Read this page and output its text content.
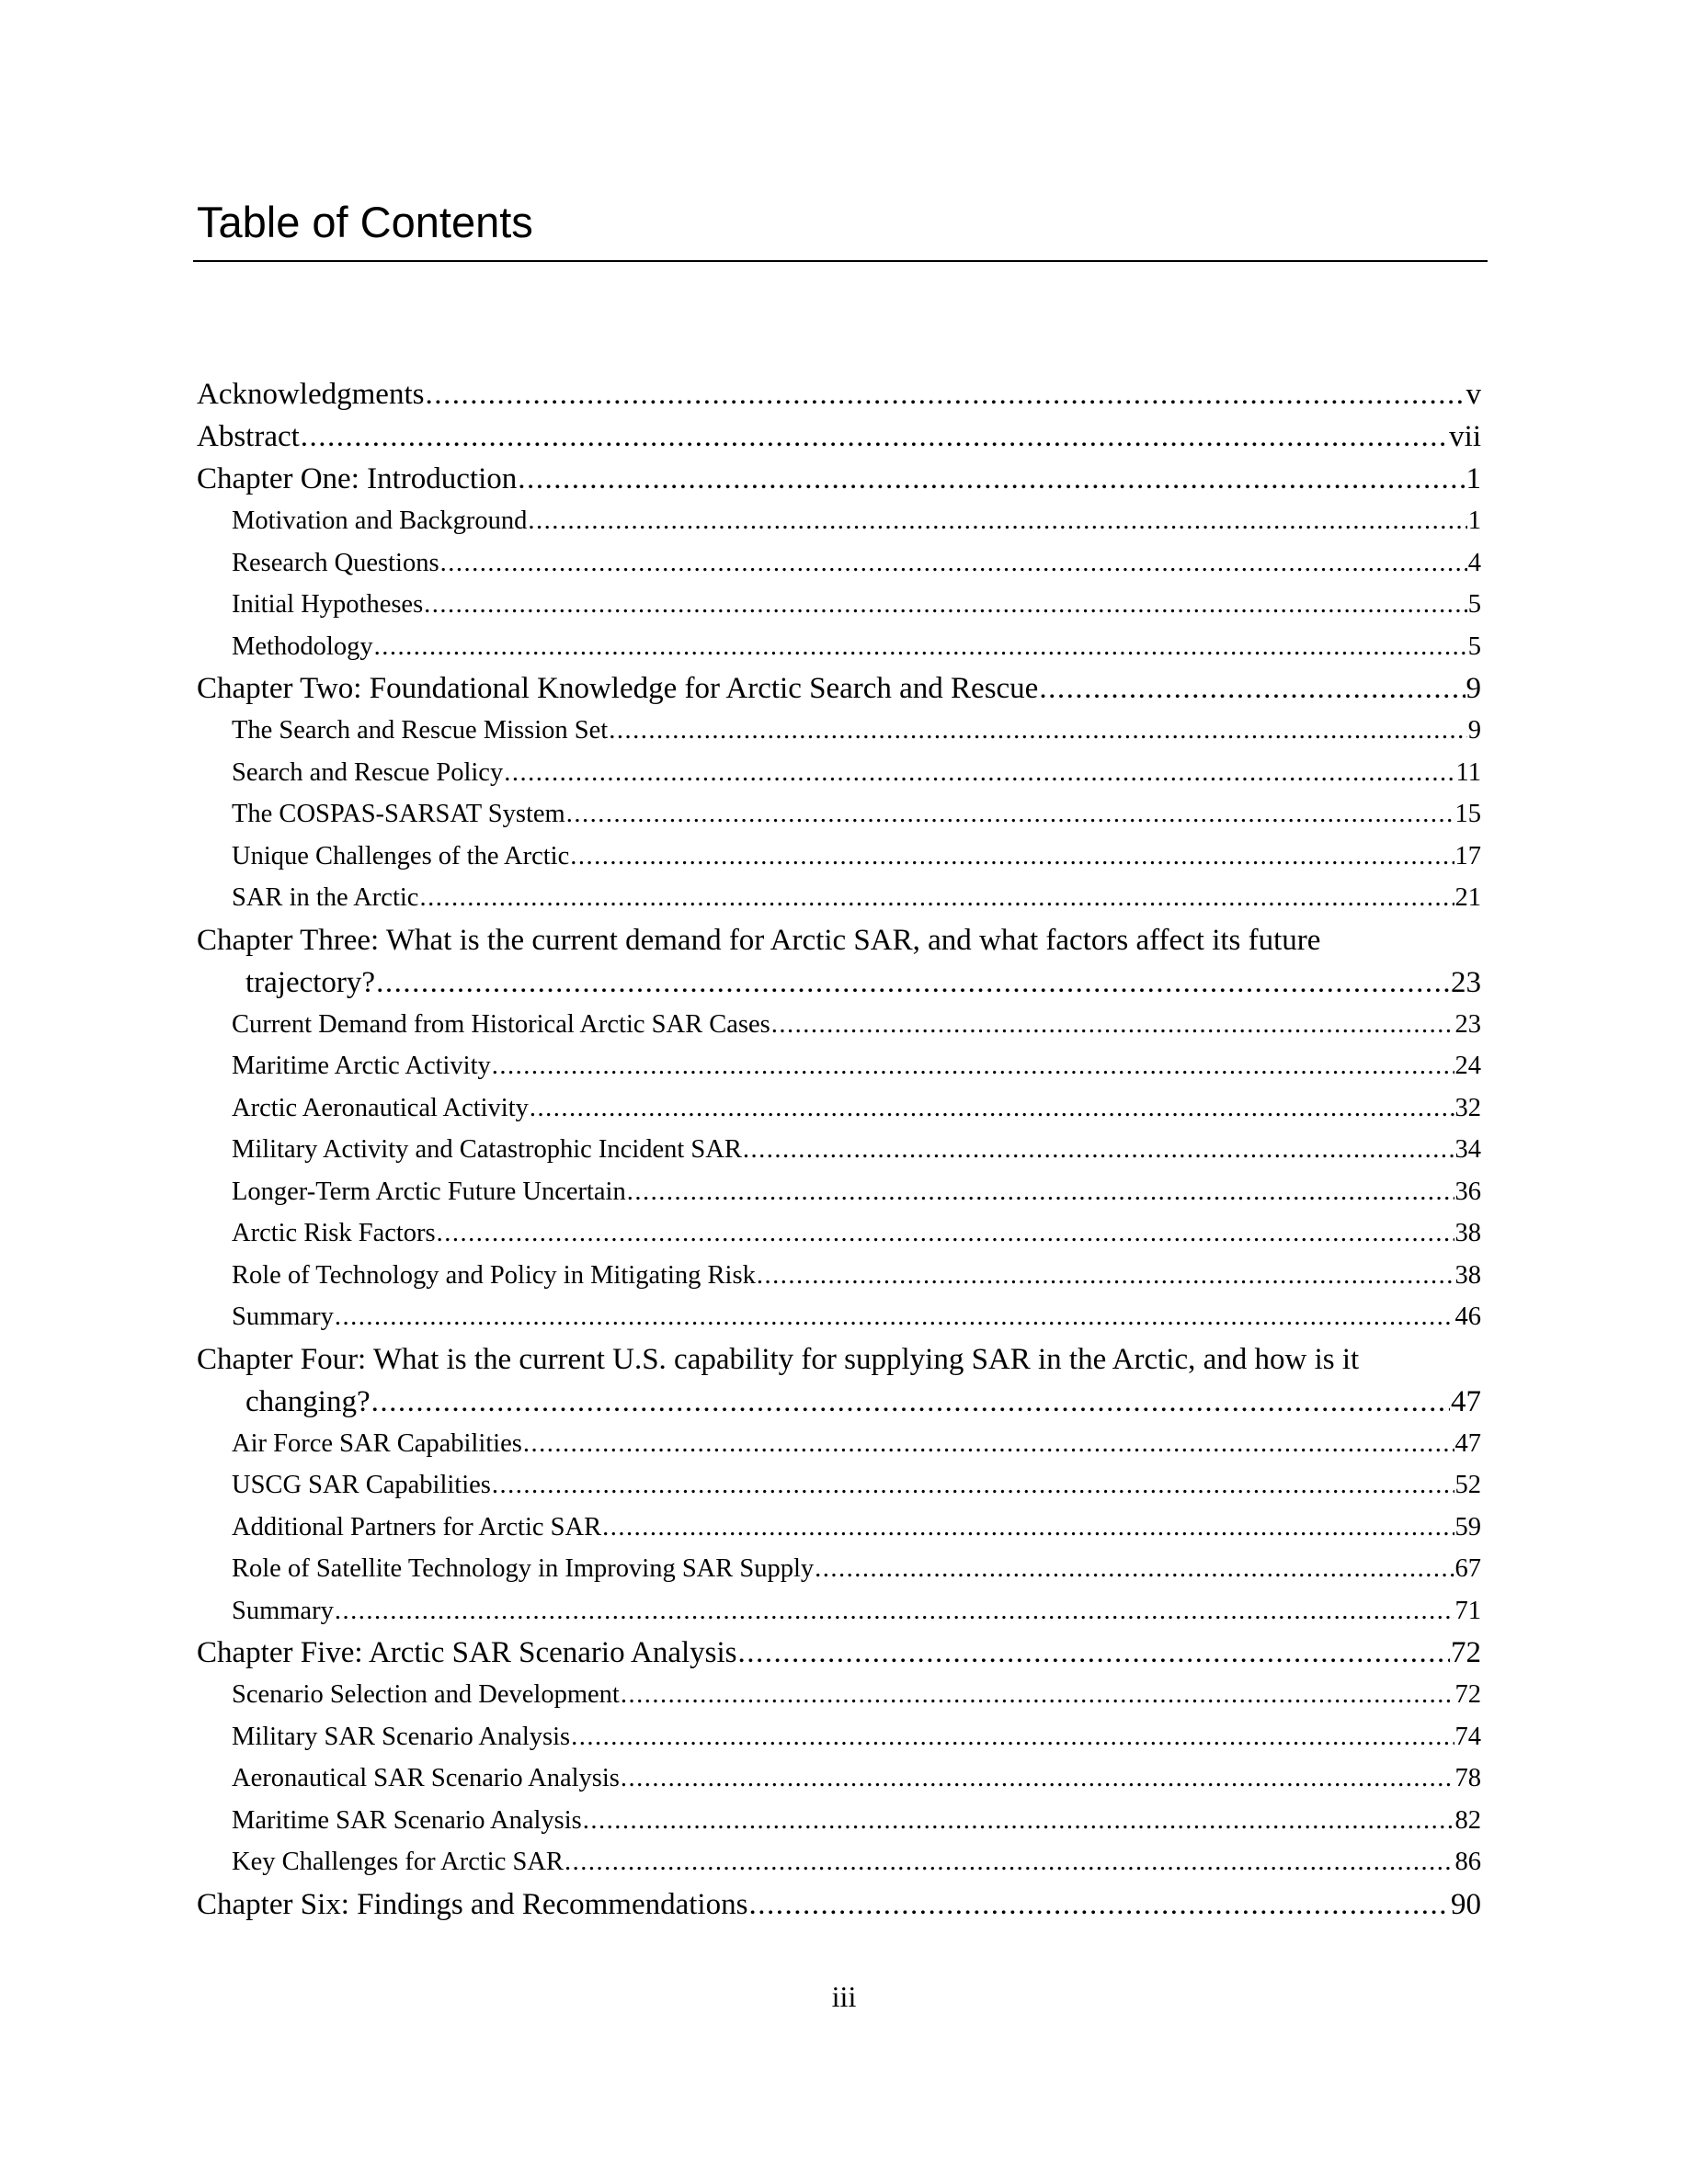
Table of Contents
Acknowledgments .....	v
Abstract .....	vii
Chapter One: Introduction .....	1
Motivation and Background .....	1
Research Questions .....	4
Initial Hypotheses .....	5
Methodology .....	5
Chapter Two: Foundational Knowledge for Arctic Search and Rescue .....	9
The Search and Rescue Mission Set .....	9
Search and Rescue Policy .....	11
The COSPAS-SARSAT System .....	15
Unique Challenges of the Arctic .....	17
SAR in the Arctic .....	21
Chapter Three: What is the current demand for Arctic SAR, and what factors affect its future
trajectory? .....	23
Current Demand from Historical Arctic SAR Cases .....	23
Maritime Arctic Activity .....	24
Arctic Aeronautical Activity .....	32
Military Activity and Catastrophic Incident SAR .....	34
Longer-Term Arctic Future Uncertain .....	36
Arctic Risk Factors .....	38
Role of Technology and Policy in Mitigating Risk .....	38
Summary .....	46
Chapter Four: What is the current U.S. capability for supplying SAR in the Arctic, and how is it
changing? .....	47
Air Force SAR Capabilities .....	47
USCG SAR Capabilities .....	52
Additional Partners for Arctic SAR .....	59
Role of Satellite Technology in Improving SAR Supply .....	67
Summary .....	71
Chapter Five: Arctic SAR Scenario Analysis .....	72
Scenario Selection and Development .....	72
Military SAR Scenario Analysis .....	74
Aeronautical SAR Scenario Analysis .....	78
Maritime SAR Scenario Analysis .....	82
Key Challenges for Arctic SAR .....	86
Chapter Six: Findings and Recommendations .....	90
iii
